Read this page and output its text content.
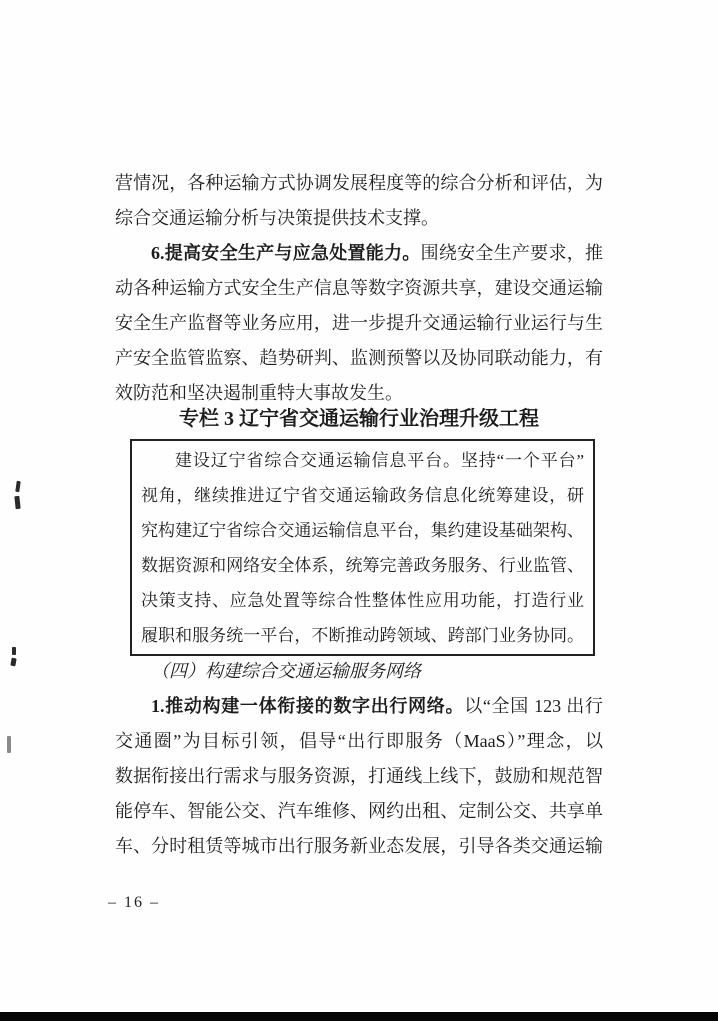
营情况，各种运输方式协调发展程度等的综合分析和评估，为
综合交通运输分析与决策提供技术支撑。
6.提高安全生产与应急处置能力。围绕安全生产要求，推
动各种运输方式安全生产信息等数字资源共享，建设交通运输
安全生产监督等业务应用，进一步提升交通运输行业运行与生
产安全监管监察、趋势研判、监测预警以及协同联动能力，有
效防范和坚决遏制重特大事故发生。
专栏 3 辽宁省交通运输行业治理升级工程
建设辽宁省综合交通运输信息平台。坚持“一个平台”
视角，继续推进辽宁省交通运输政务信息化统筹建设，研
究构建辽宁省综合交通运输信息平台，集约建设基础架构、
数据资源和网络安全体系，统筹完善政务服务、行业监管、
决策支持、应急处置等综合性整体性应用功能，打造行业
履职和服务统一平台，不断推动跨领域、跨部门业务协同。
（四）构建综合交通运输服务网络
1.推动构建一体衔接的数字出行网络。以“全国 123 出行
交通圈”为目标引领，倡导“出行即服务（MaaS）”理念，以
数据衔接出行需求与服务资源，打通线上线下，鼓励和规范智
能停车、智能公交、汽车维修、网约出租、定制公交、共享单
车、分时租赁等城市出行服务新业态发展，引导各类交通运输
– 16 –
